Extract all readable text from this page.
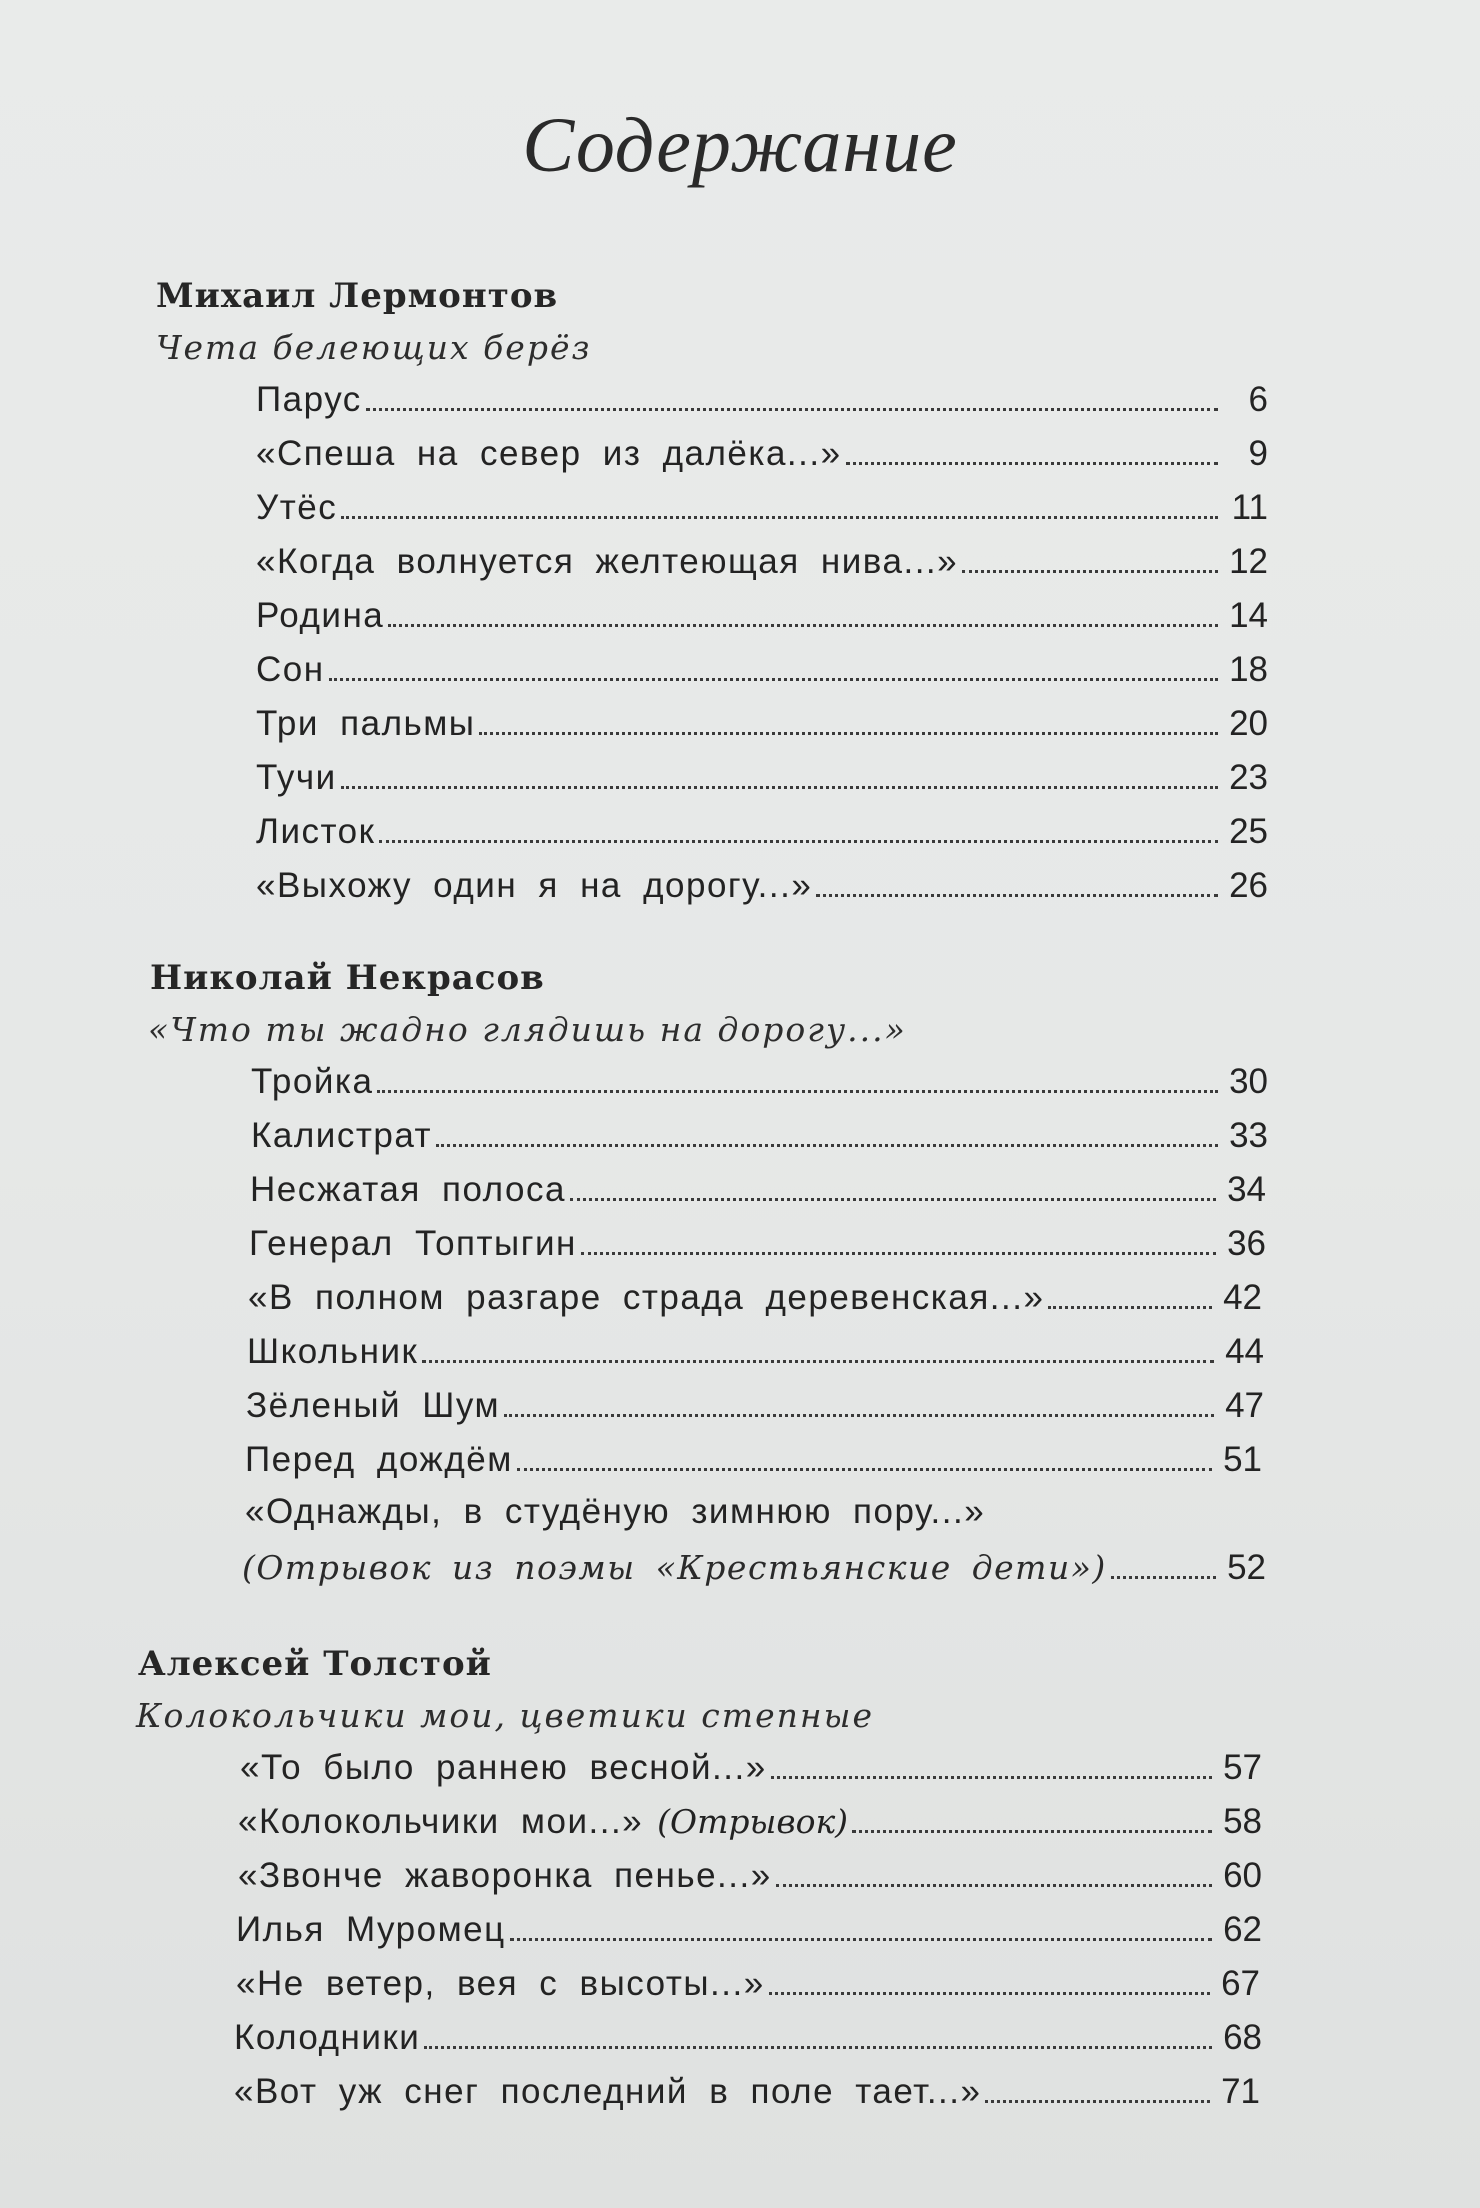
Содержание
Михаил Лермонтов
Чета белеющих берёз
Парус	6
«Спеша на север из далёка...»	9
Утёс	11
«Когда волнуется желтеющая нива...»	12
Родина	14
Сон	18
Три пальмы	20
Тучи	23
Листок	25
«Выхожу один я на дорогу...»	26
Николай Некрасов
«Что ты жадно глядишь на дорогу...»
Тройка	30
Калистрат	33
Несжатая полоса	34
Генерал Топтыгин	36
«В полном разгаре страда деревенская...»	42
Школьник	44
Зёленый Шум	47
Перед дождём	51
«Однажды, в студёную зимнюю пору...»
(Отрывок из поэмы «Крестьянские дети»)	52
Алексей Толстой
Колокольчики мои, цветики степные
«То было раннею весной...»	57
«Колокольчики мои...» (Отрывок)	58
«Звонче жаворонка пенье...»	60
Илья Муромец	62
«Не ветер, вея с высоты...»	67
Колодники	68
«Вот уж снег последний в поле тает...»	71
